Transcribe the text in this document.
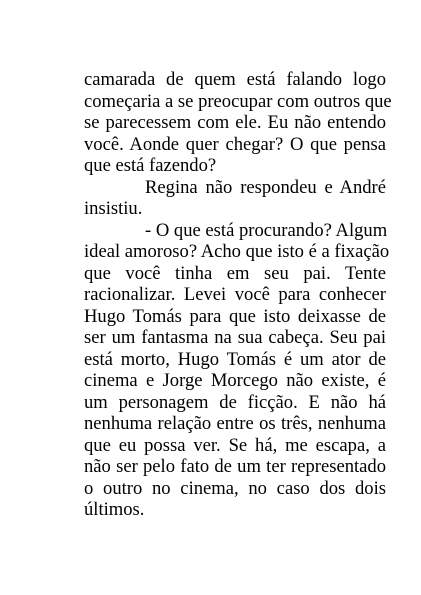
camarada de quem está falando logo
começaria a se preocupar com outros que
se parecessem com ele. Eu não entendo
você. Aonde quer chegar? O que pensa
que está fazendo?
Regina não respondeu e André
insistiu.
- O que está procurando? Algum
ideal amoroso? Acho que isto é a fixação
que você tinha em seu pai. Tente
racionalizar. Levei você para conhecer
Hugo Tomás para que isto deixasse de
ser um fantasma na sua cabeça. Seu pai
está morto, Hugo Tomás é um ator de
cinema e Jorge Morcego não existe, é
um personagem de ficção. E não há
nenhuma relação entre os três, nenhuma
que eu possa ver. Se há, me escapa, a
não ser pelo fato de um ter representado
o outro no cinema, no caso dos dois
últimos.
